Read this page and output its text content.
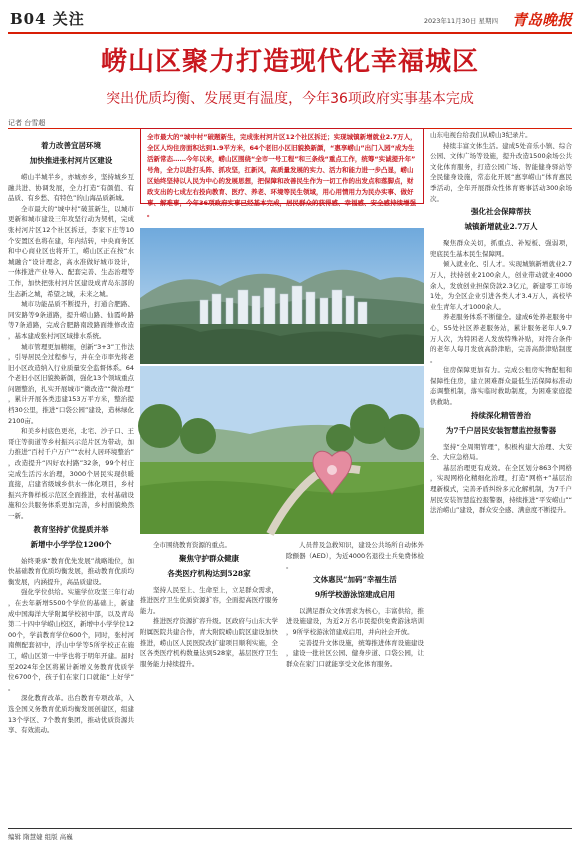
B04 关注	2023年11月30日 星期四 青岛晚报
崂山区聚力打造现代化幸福城区
突出优质均衡、发展更有温度，今年36项政府实事基本完成
记者 台雪超
着力改善宜居环境
加快推进张村河片区建设

崂山半城半乡，亦城亦乡，坚持城乡互融共进、协调发展，全力打造“有颜值、有品质、有乡愁、有特色”的山海品质新城。

全市最大的“城中村”破茧新生，以城市更新和城市建设三年攻坚行动为契机，完成张村河片区12个社区拆迁，李家下庄等10个安置区也将在建，年内结转，中央商务区和中心商业区也将开工，崂山区正在按“水城融合”设计理念，高水准做好城市设计，一体推进产业导入、配套完善、生态治理等工作，加快把张村河片区建设成青岛东部的生态新之城，希望之城，未来之城。

城市功能品质不断提升，打通合肥路、同安路等9条道路，提升崂山路、仙霞岭路等7条道路，完成合肥路南段路面维修改造，基本建成张村河区域排水系统。

城市管理更加精细，创新“3+3”工作法，引导居民全过程参与，并在全市率先将老旧小区改造纳入行业质量安全监督体系。64个老旧小区旧貌换新颜，强化13个领域重点问题整治，扎实开展城市“微改造”“微治理”，累计开展各类违建153万平方米，整治提档30公里，推进“口袋公园”建设，造林绿化2100亩。

和美乡村底色更亮，北宅、沙子口、王哥庄等街道等乡村振兴示范片区为带动，加力推进“百村千户万户”“农村人居环境整治”，改造提升“四好农村路”32条，99个村庄完成生活污水治理，3000个居民实现供暖直接，启建省级城乡供水一体化项目，乡村振兴齐鲁样板示范区全面推进，农村基础设施和公共服务体系更加完善，乡村面貌焕然一新。

教育坚持扩优提质并举
新增中小学学位1200个

始终秉承“教育优先发展”战略地位，加快基础教育优质均衡发展，推动教育优质均衡发展，内涵提升，高品质建设。

强化学位供给。实施学位攻坚三年行动，在去年新增5500个学位的基础上，新建成中国海洋大学附属学校初中部，以及青岛第二十四中学崂山校区，新增中小学学位1200个，学前教育学位600个，同时，张村河南侧配套初中，浮山中学等5所学校正在施工，崂山区第一中学也将于明年开建。届时至2024年全区将累计新增义务教育优质学位6700个，孩子们在家门口就能“上好学”。

深化教育改革。出台教育专项改革，入选全国义务教育优质均衡发展创建区，组建13个学区、7个教育集团，推动优质资源共享、有效流动。

全市最大的“城中村”破题新生，完成张村河片区12个社区拆迁；实现城镇新增就业2.7万人，全区人均住房面积达到1.9平方米，64个老旧小区旧貌换新颜，“惠享崂山”出门入园“成为生活新常态……今年以来，崂山区围绕“全市一号工程”和三条线“重点工作，统筹“实诚提升年”号角，全力以赴打头阵、抓攻坚，扛新风，高质量发展的实力、活力和能力进一步凸显，崂山区始终坚持以人民为中心的发展思想，把保障和改善民生作为一切工作的出发点和落脚点，财政支出的七成左右投向教育、医疗、养老、环境等民生领域，用心用情用力为民办实事、做好事、解难事，今年36项政府实事已经基本完成，居民群众的获得感、幸福感、安全感持续增强。

全市围绕教育资源的重点。

聚焦守护群众健康
各类医疗机构达到528家

坚持人民至上、生命至上，立足群众需求，推进医疗卫生优质资源扩容，全面提高医疗服务能力。

推进医疗资源扩容升级。区政府与山东大学附属医院共建合作，青大附院崂山院区建设加快推进，崂山区人民医院改扩建项目顺利实施，全区各类医疗机构数量达到528家，基层医疗卫生服务能力持续提升。

人员普及急救知识，建设公共场所自动体外除颤器（AED），为近4000名退役士兵免费体检。

文体惠民“加码”幸福生活
9所学校游泳馆建成启用

以满足群众文体需求为核心，丰富供给，推进设施建设，为近2万名市民提供免费游泳培训，9所学校游泳馆建成启用，并向社会开放。

完善提升文体设施，统筹推进体育设施建设，建设一批社区公园、健身步道、口袋公园，让群众在家门口就能享受文化体育服务。

山东电视台给我们从崂山3纪录片。

持续丰富文体生活。建成5处音乐小镇、综合公园、文体广场等设施，提升改造1500余场公共文化体育服务，打造公园广场、智能健身驿站等全民健身设施，常态化开展“惠享崂山”体育惠民季活动，全年开展群众性体育赛事活动300余场次。

强化社会保障帮扶
城镇新增就业2.7万人

聚焦群众关切，抓重点、补短板、强弱项，兜底民生基本民生保障网。

倾入就业化、引人才。实现城镇新增就业2.7万人，扶持创业2100余人，创业带动就业4000余人，发放创业担保贷款2.3亿元，新建零工市场1处，为全区企业引进各类人才3.4万人，高校毕业生青年人才1000余人。

养老服务体系不断健全。建成6处养老服务中心，55处社区养老服务站，累计服务老年人9.7万人次，为特困老人发放特殊补贴，对符合条件的老年人每月发放高龄津贴，完善高龄津贴制度。

住房保障更加有力。完成公租房实物配租和保障性住房，建立困难群众最低生活保障标准动态调整机制，落实临时救助制度，为困难家庭提供救助。

持续深化精管善治
为7千户居民安装智慧监控报警器

坚持“全周期管理”，积极构建大治理、大安全、大应急格局。

基层治理更有成效。在全区划分863个网格，实现网格化精细化治理，打造“网格+”基层治理新模式，完善矛盾纠纷多元化解机制，为7千户居民安装智慧监控报警器，持续推进“平安崂山”“法治崂山”建设，群众安全感、满意度不断提升。

编辑 隋慧婕 组版 高巍
